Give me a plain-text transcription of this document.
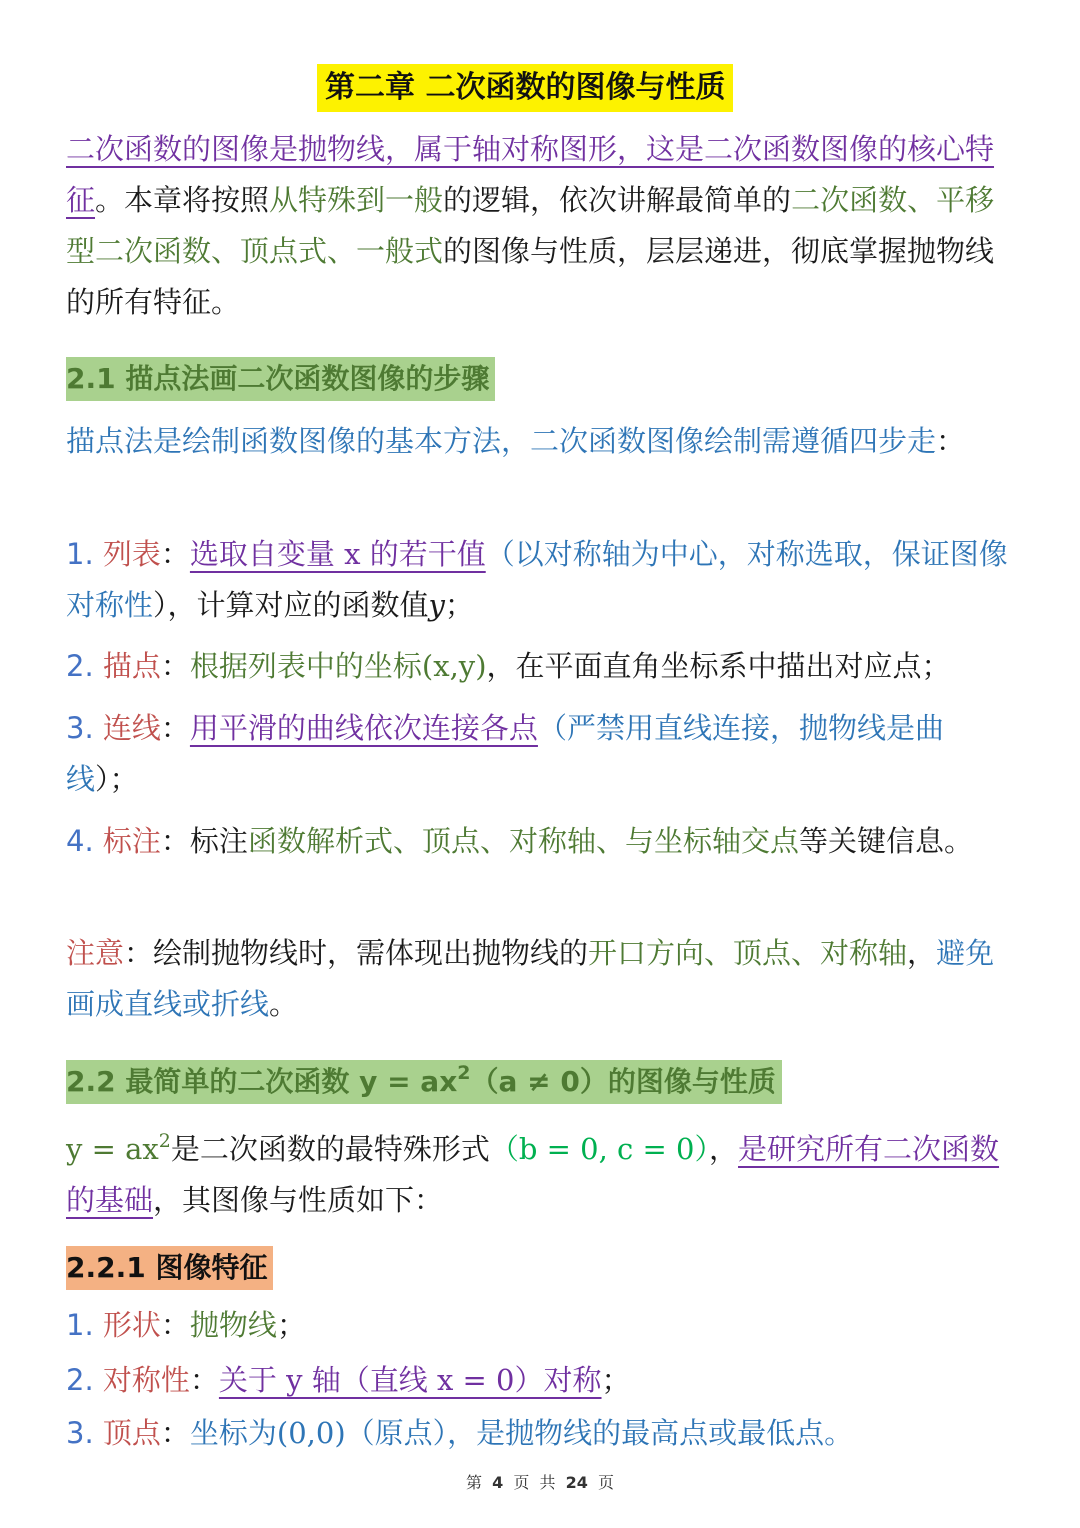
第二章 二次函数的图像与性质
二次函数的图像是抛物线，属于轴对称图形，这是二次函数图像的核心特征。本章将按照从特殊到一般的逻辑，依次讲解最简单的二次函数、平移型二次函数、顶点式、一般式的图像与性质，层层递进，彻底掌握抛物线的所有特征。
2.1 描点法画二次函数图像的步骤
描点法是绘制函数图像的基本方法，二次函数图像绘制需遵循四步走：
1. 列表：选取自变量 x 的若干值（以对称轴为中心，对称选取，保证图像对称性），计算对应的函数值y；
2. 描点：根据列表中的坐标(x,y)，在平面直角坐标系中描出对应点；
3. 连线：用平滑的曲线依次连接各点（严禁用直线连接，抛物线是曲线）；
4. 标注：标注函数解析式、顶点、对称轴、与坐标轴交点等关键信息。
注意：绘制抛物线时，需体现出抛物线的开口方向、顶点、对称轴，避免画成直线或折线。
2.2 最简单的二次函数 $y = ax^2(a \ne 0)$的图像与性质
$y = ax^2$是二次函数的最特殊形式（b = 0, c = 0），是研究所有二次函数的基础，其图像与性质如下：
2.2.1 图像特征
1. 形状：抛物线；
2. 对称性：关于 y 轴（直线 x = 0）对称；
3. 顶点：坐标为(0,0)（原点），是抛物线的最高点或最低点。
第 4 页 共 24 页
